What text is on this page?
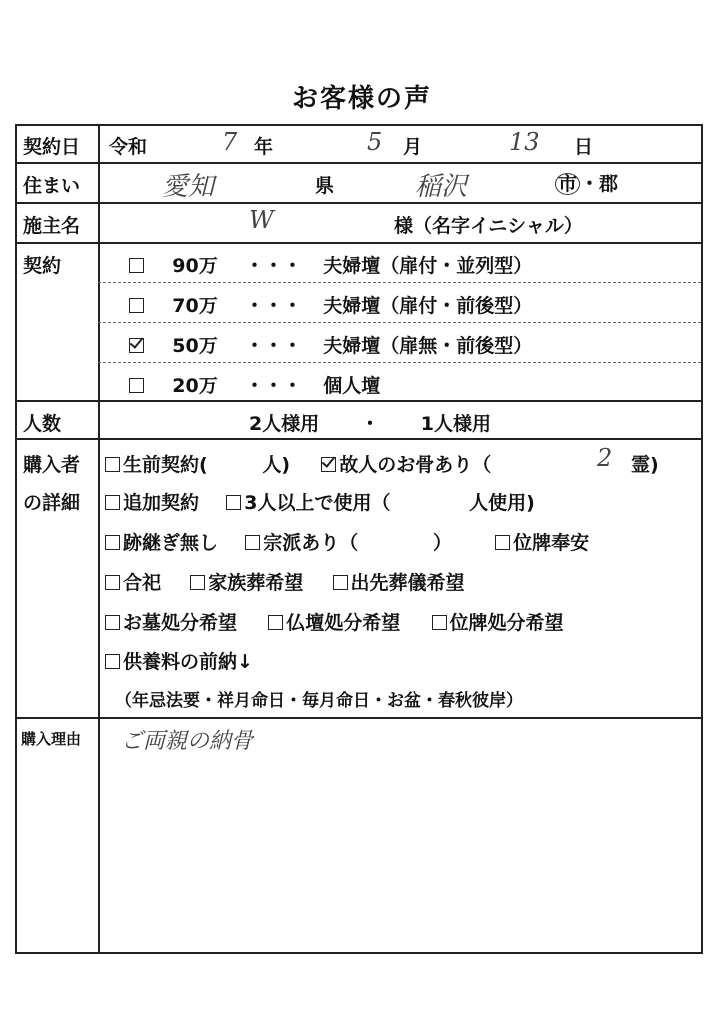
お客様の声
契約日 令和	7 年	5 月	13 日
住まい	愛知	県	稲沢	市 ・郡
施主名	W	様（名字イニシャル）
契約	90万 ・・・ 夫婦壇（扉付・並列型）
70万 ・・・ 夫婦壇（扉付・前後型）
50万 ・・・ 夫婦壇（扉無・前後型）
20万 ・・・ 個人壇
人数	2人様用 ・ 1人様用
購入者
の詳細
生前契約(	人)	故人のお骨あり（	2 霊)
追加契約 3人以上で使用（	人使用)
跡継ぎ無し 宗派あり（	）	位牌奉安
合祀 家族葬希望 出先葬儀希望
お墓処分希望	仏壇処分希望	位牌処分希望
供養料の前納↓
（年忌法要・祥月命日・毎月命日・お盆・春秋彼岸）
購入理由 ご両親の納骨
